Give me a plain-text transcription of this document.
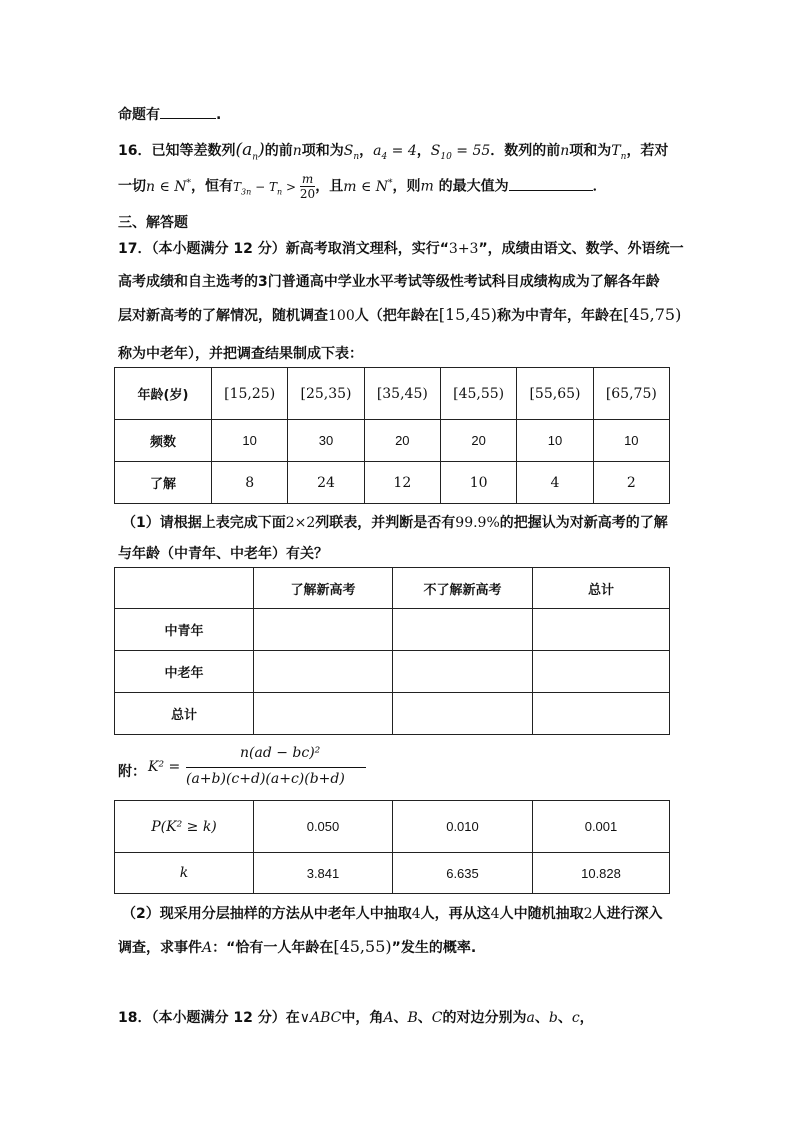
命题有	.
16．已知等差数列$(a_n)$的前n项和为$S_n$，$a_4 = 4$，$S_{10} = 55$．数列的前n项和为$T_n$，若对
一切n ∈ N*，恒有$T_{3n} - T_n > \frac{m}{20}$ ，且m ∈ N*，则m 的最大值为	．
三、解答题
17．（本小题满分 12 分）新高考取消文理科，实行“3+3”，成绩由语文、数学、外语统一
高考成绩和自主选考的3门普通高中学业水平考试等级性考试科目成绩构成为了解各年龄
层对新高考的了解情况，随机调查100人（把年龄在[15,45)称为中青年，年龄在[45,75)
称为中老年），并把调查结果制成下表：
年龄(岁)	[15,25)	[25,35)	[35,45)	[45,55)	[55,65)	[65,75)
频数	10	30	20	20	10	10
了解	8	24	12	10	4	2
（1）请根据上表完成下面2×2列联表，并判断是否有99.9%的把握认为对新高考的了解
与年龄（中青年、中老年）有关？
	了解新高考	不了解新高考	总计
中青年			
中老年			
总计			
附： K² =
n(ad − bc)²
(a+b)(c+d)(a+c)(b+d)
P(K² ≥ k)	0.050	0.010	0.001
k	3.841	6.635	10.828
（2）现采用分层抽样的方法从中老年人中抽取4人，再从这4人中随机抽取2人进行深入
调查，求事件A：“恰有一人年龄在[45,55)”发生的概率.
18．（本小题满分 12 分）在∨ABC中，角A、B、C的对边分别为a、b、c，
